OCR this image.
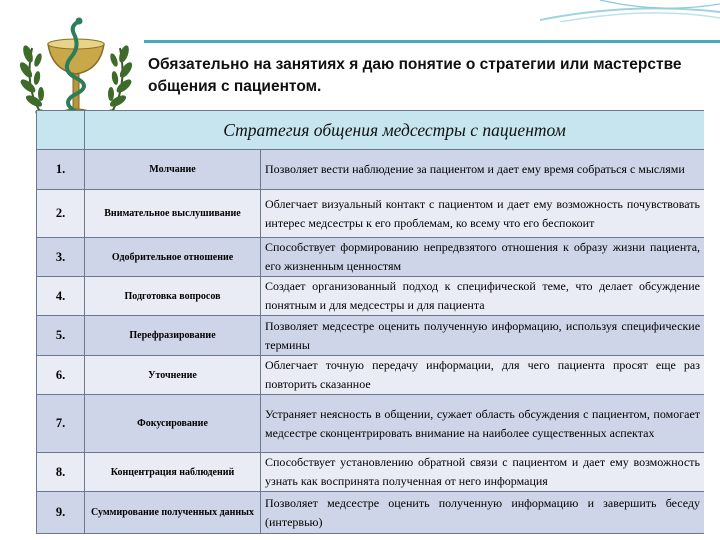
Обязательно на занятиях я даю понятие о стратегии или мастерстве общения с пациентом.
	Стратегия общения медсестры с пациентом	
1.	Молчание	Позволяет вести наблюдение за пациентом и дает ему время собраться с мыслями
2.	Внимательное выслушивание	Облегчает визуальный контакт с пациентом и дает ему возможность почувствовать интерес медсестры к его проблемам, ко всему что его беспокоит
3.	Одобрительное отношение	Способствует формированию непредвзятого отношения к образу жизни пациента, его жизненным ценностям
4.	Подготовка вопросов	Создает организованный подход к специфической теме, что делает обсуждение понятным и для медсестры и для пациента
5.	Перефразирование	Позволяет медсестре оценить полученную информацию, используя специфические термины
6.	Уточнение	Облегчает точную передачу информации, для чего пациента просят еще раз повторить сказанное
7.	Фокусирование	Устраняет неясность в общении, сужает область обсуждения с пациентом, помогает медсестре сконцентрировать внимание на наиболее существенных аспектах
8.	Концентрация наблюдений	Способствует установлению обратной связи с пациентом и дает ему возможность узнать как воспринята полученная от него информация
9.	Суммирование полученных данных	Позволяет медсестре оценить полученную информацию и завершить беседу (интервью)
